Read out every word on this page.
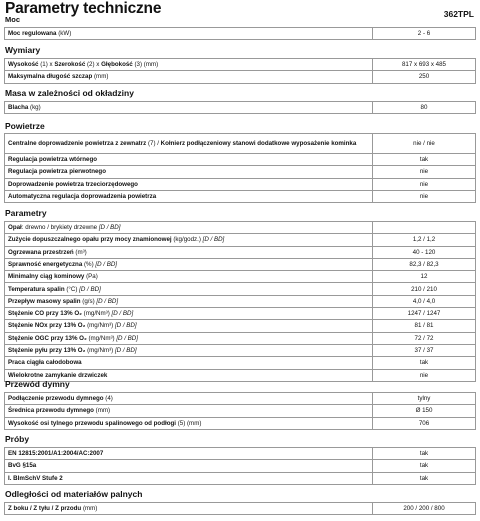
Parametry techniczne
Moc
362TPL
Moc regulowana (kW)	2 - 6
Wymiary
Wysokość (1) x Szerokość (2) x Głębokość (3) (mm)	817 x 693 x 485
Maksymalna długość szczap (mm)	250
Masa w zależności od okładziny
Blacha (kg)	80
Powietrze
Centralne doprowadzenie powietrza z zewnatrz (7) / Kołnierz podłączeniowy stanowi dodatkowe wyposażenie kominka	nie / nie
Regulacja powietrza wtórnego	tak
Regulacja powietrza pierwotnego	nie
Doprowadzenie powietrza trzeciorzędowego	nie
Automatyczna regulacja doprowadzenia powietrza	nie
Parametry
Opał: drewno / brykiety drzewne [D / BD]	
Zużycie dopuszczalnego opału przy mocy znamionowej (kg/godz.) [D / BD]	1,2 / 1,2
Ogrzewana przestrzeń (m³)	40 - 120
Sprawność energetyczna (%) [D / BD]	82,3 / 82,3
Minimalny ciąg kominowy (Pa)	12
Temperatura spalin (°C) [D / BD]	210 / 210
Przepływ masowy spalin (g/s) [D / BD]	4,0 / 4,0
Stężenie CO przy 13% O₂ (mg/Nm³) [D / BD]	1247 / 1247
Stężenie NOx przy 13% O₂ (mg/Nm³) [D / BD]	81 / 81
Stężenie OGC przy 13% O₂ (mg/Nm³) [D / BD]	72 / 72
Stężenie pyłu przy 13% O₂ (mg/Nm³) [D / BD]	37 / 37
Praca ciągła całodobowa	tak
Wielokrotne zamykanie drzwiczek	nie
Przewód dymny
Podłączenie przewodu dymnego (4)	tylny
Średnica przewodu dymnego (mm)	Ø 150
Wysokość osi tylnego przewodu spalinowego od podłogi (5) (mm)	706
Próby
EN 12815:2001/A1:2004/AC:2007	tak
BvG §15a	tak
I. BImSchV Stufe 2	tak
Odległości od materiałów palnych
Z boku / Z tyłu / Z przodu (mm)	200 / 200 / 800
